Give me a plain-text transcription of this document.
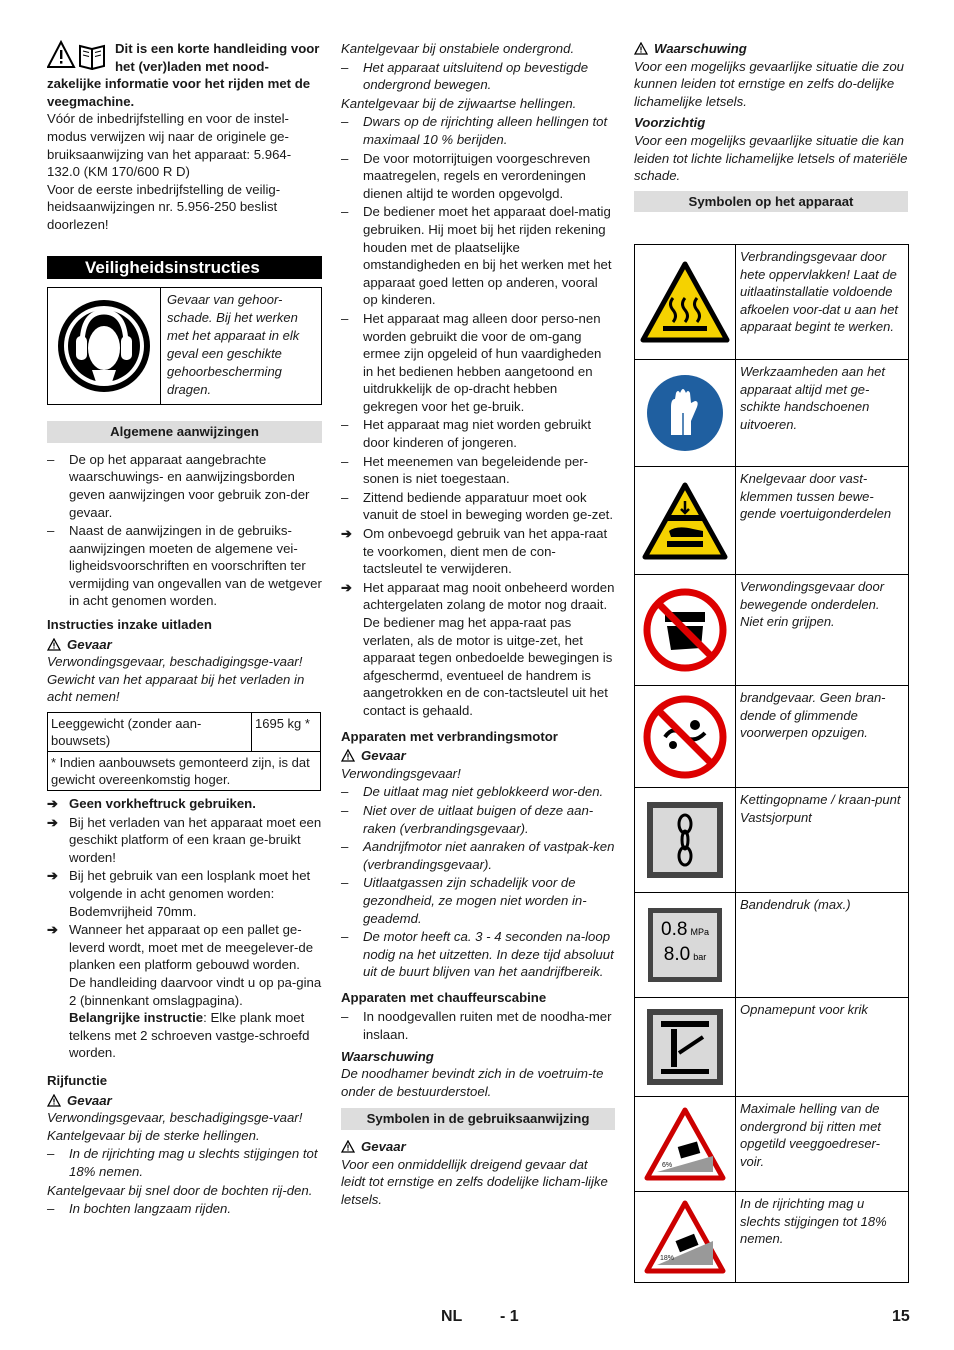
Dit is een korte handleiding voor het (ver)laden met nood-zakelijke informatie voor het rijden met de veegmachine.

Vóór de inbedrijfstelling en voor de instel-modus verwijzen wij naar de originele ge-bruiksaanwijzing van het apparaat: 5.964-132.0 (KM 170/600 R D)

Voor de eerste inbedrijfstelling de veilig-heidsaanwijzingen nr. 5.956-250 beslist doorlezen!

Veiligheidsinstructies
Gevaar van gehoor-schade. Bij het werken met het apparaat in elk geval een geschikte gehoorbescherming dragen.
Algemene aanwijzingen
–	De op het apparaat aangebrachte waarschuwings- en aanwijzingsborden geven aanwijzingen voor gebruik zon-der gevaar.
–	Naast de aanwijzingen in de gebruiks-aanwijzingen moeten de algemene vei-ligheidsvoorschriften en voorschriften ter vermijding van ongevallen van de wetgever in acht genomen worden.
Instructies inzake uitladen
Gevaar

Verwondingsgevaar, beschadigingsge-vaar!

Gewicht van het apparaat bij het verladen in acht nemen!

Leeggewicht (zonder aan-bouwsets)	1695 kg *
* Indien aanbouwsets gemonteerd zijn, is dat gewicht overeenkomstig hoger.
➔ Geen vorkheftruck gebruiken.
➔ Bij het verladen van het apparaat moet een geschikt platform of een kraan ge-bruikt worden!
➔ Bij het gebruik van een losplank moet het volgende in acht genomen worden: Bodemvrijheid 70mm.
➔ Wanneer het apparaat op een pallet ge-leverd wordt, moet met de meegelever-de planken een platform gebouwd worden.
De handleiding daarvoor vindt u op pa-gina 2 (binnenkant omslagpagina).
Belangrijke instructie: Elke plank moet telkens met 2 schroeven vastge-schroefd worden.
Rijfunctie
Gevaar

Verwondingsgevaar, beschadigingsge-vaar!

Kantelgevaar bij de sterke hellingen.

–	In de rijrichting mag u slechts stijgingen tot 18% nemen.

Kantelgevaar bij snel door de bochten rij-den.

–	In bochten langzaam rijden.

Kantelgevaar bij onstabiele ondergrond.

–	Het apparaat uitsluitend op bevestigde ondergrond bewegen.

Kantelgevaar bij de zijwaartse hellingen.

–	Dwars op de rijrichting alleen hellingen tot maximaal 10 % berijden.
–	De voor motorrijtuigen voorgeschreven maatregelen, regels en verordeningen dienen altijd te worden opgevolgd.
–	De bediener moet het apparaat doel-matig gebruiken. Hij moet bij het rijden rekening houden met de plaatselijke omstandigheden en bij het werken met het apparaat goed letten op anderen, vooral op kinderen.
–	Het apparaat mag alleen door perso-nen worden gebruikt die voor de om-gang ermee zijn opgeleid of hun vaardigheden in het bedienen hebben aangetoond en uitdrukkelijk de op-dracht hebben gekregen voor het ge-bruik.
–	Het apparaat mag niet worden gebruikt door kinderen of jongeren.
–	Het meenemen van begeleidende per-sonen is niet toegestaan.
–	Zittend bediende apparatuur moet ook vanuit de stoel in beweging worden ge-zet.
➔ Om onbevoegd gebruik van het appa-raat te voorkomen, dient men de con-tactsleutel te verwijderen.
➔ Het apparaat mag nooit onbeheerd worden achtergelaten zolang de motor nog draait. De bediener mag het appa-raat pas verlaten, als de motor is uitge-zet, het apparaat tegen onbedoelde bewegingen is afgeschermd, eventueel de handrem is aangetrokken en de con-tactsleutel uit het contact is gehaald.
Apparaten met verbrandingsmotor
Gevaar

Verwondingsgevaar!

–	De uitlaat mag niet geblokkeerd wor-den.
–	Niet over de uitlaat buigen of deze aan-raken (verbrandingsgevaar).
–	Aandrijfmotor niet aanraken of vastpak-ken (verbrandingsgevaar).
–	Uitlaatgassen zijn schadelijk voor de gezondheid, ze mogen niet worden in-geademd.
–	De motor heeft ca. 3 - 4 seconden na-loop nodig na het uitzetten. In deze tijd absoluut uit de buurt blijven van het aandrijfbereik.
Apparaten met chauffeurscabine
–	In noodgevallen ruiten met de noodha-mer inslaan.

Waarschuwing

De noodhamer bevindt zich in de voetruim-te onder de bestuurderstoel.

Symbolen in de gebruiksaanwijzing
Gevaar

Voor een onmiddellijk dreigend gevaar dat leidt tot ernstige en zelfs dodelijke licham-lijke letsels.

Waarschuwing

Voor een mogelijks gevaarlijke situatie die zou kunnen leiden tot ernstige en zelfs do-delijke lichamelijke letsels.

Voorzichtig

Voor een mogelijks gevaarlijke situatie die kan leiden tot lichte lichamelijke letsels of materiële schade.

Symbolen op het apparaat
Verbrandingsgevaar door hete oppervlakken! Laat de uitlaatinstallatie voldoende afkoelen voor-dat u aan het apparaat begint te werken.
Werkzaamheden aan het apparaat altijd met ge-schikte handschoenen uitvoeren.
Knelgevaar door vast-klemmen tussen bewe-gende voertuigonderdelen
Verwondingsgevaar door bewegende onderdelen. Niet erin grijpen.
brandgevaar. Geen bran-dende of glimmende voorwerpen opzuigen.
Kettingopname / kraan-punt Vastsjorpunt
0.8 MPa
8.0 bar
Bandendruk (max.)
Opnamepunt voor krik
6%
Maximale helling van de ondergrond bij ritten met opgetild veeggoedreser-voir.
18%
In de rijrichting mag u slechts stijgingen tot 18% nemen.
NL - 1	15
